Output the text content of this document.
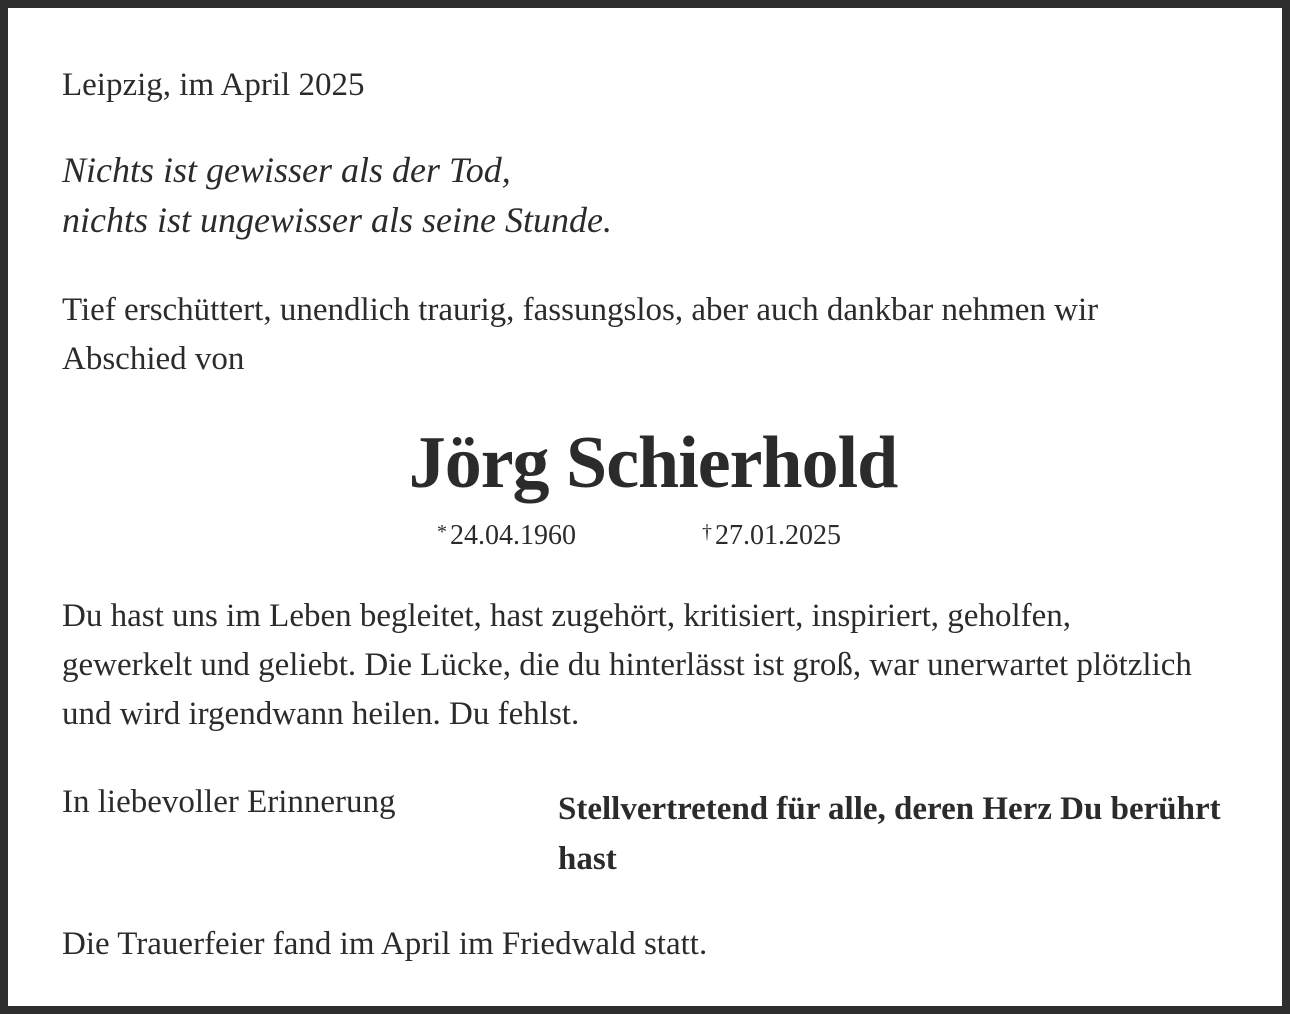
Leipzig, im April 2025

Nichts ist gewisser als der Tod,

nichts ist ungewisser als seine Stunde.

Tief erschüttert, unendlich traurig, fassungslos, aber auch dankbar nehmen wir

Abschied von

Jörg Schierhold
* 24.04.1960	† 27.01.2025

Du hast uns im Leben begleitet, hast zugehört, kritisiert, inspiriert, geholfen,

gewerkelt und geliebt. Die Lücke, die du hinterlässt ist groß, war unerwartet plötzlich

und wird irgendwann heilen. Du fehlst.

In liebevoller Erinnerung	Stellvertretend für alle, deren Herz Du berührt hast

Die Trauerfeier fand im April im Friedwald statt.
